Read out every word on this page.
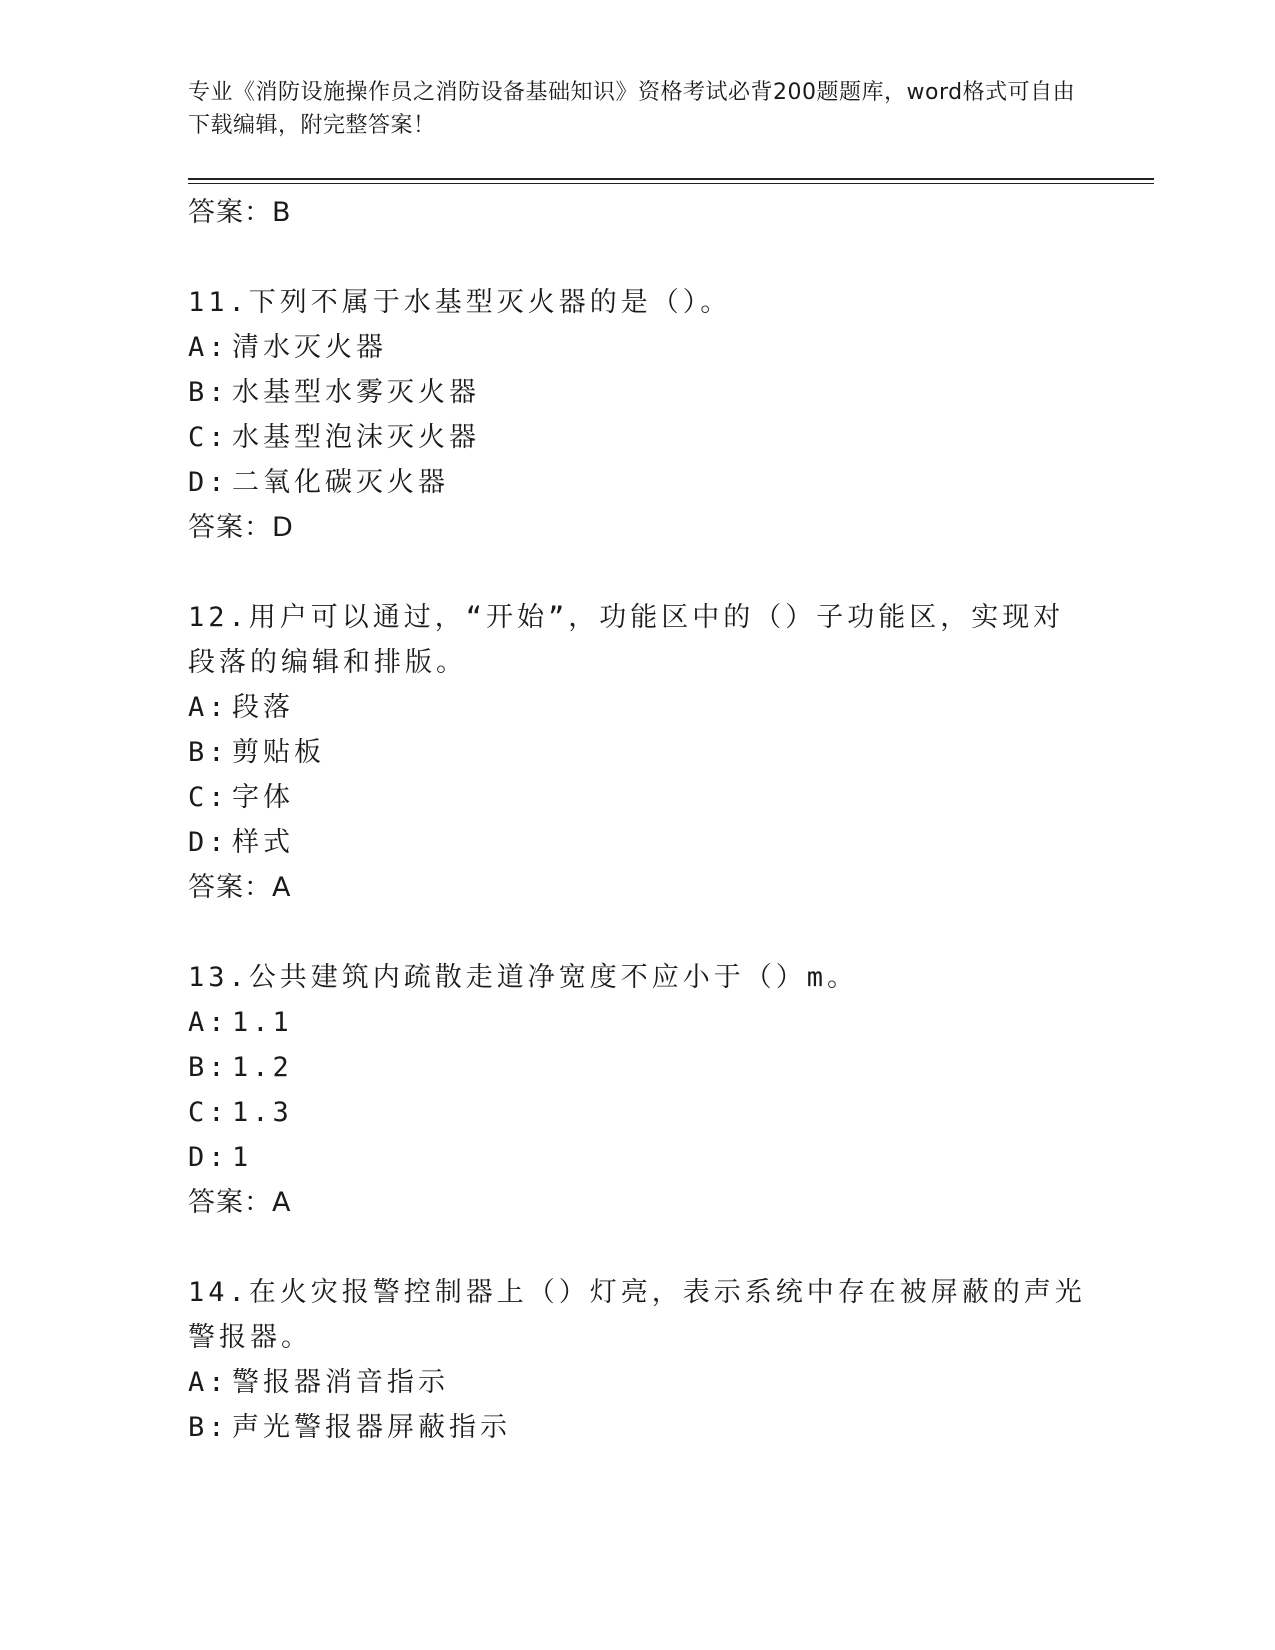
专业《消防设施操作员之消防设备基础知识》资格考试必背200题题库，word格式可自由下载编辑，附完整答案！
答案：B
11.下列不属于水基型灭火器的是（）。
A: 清水灭火器
B: 水基型水雾灭火器
C: 水基型泡沫灭火器
D: 二氧化碳灭火器
答案：D
12.用户可以通过，“开始”，功能区中的（）子功能区，实现对段落的编辑和排版。
A: 段落
B: 剪贴板
C: 字体
D: 样式
答案：A
13.公共建筑内疏散走道净宽度不应小于（）m。
A: 1.1
B: 1.2
C: 1.3
D: 1
答案：A
14.在火灾报警控制器上（）灯亮，表示系统中存在被屏蔽的声光警报器。
A: 警报器消音指示
B: 声光警报器屏蔽指示
